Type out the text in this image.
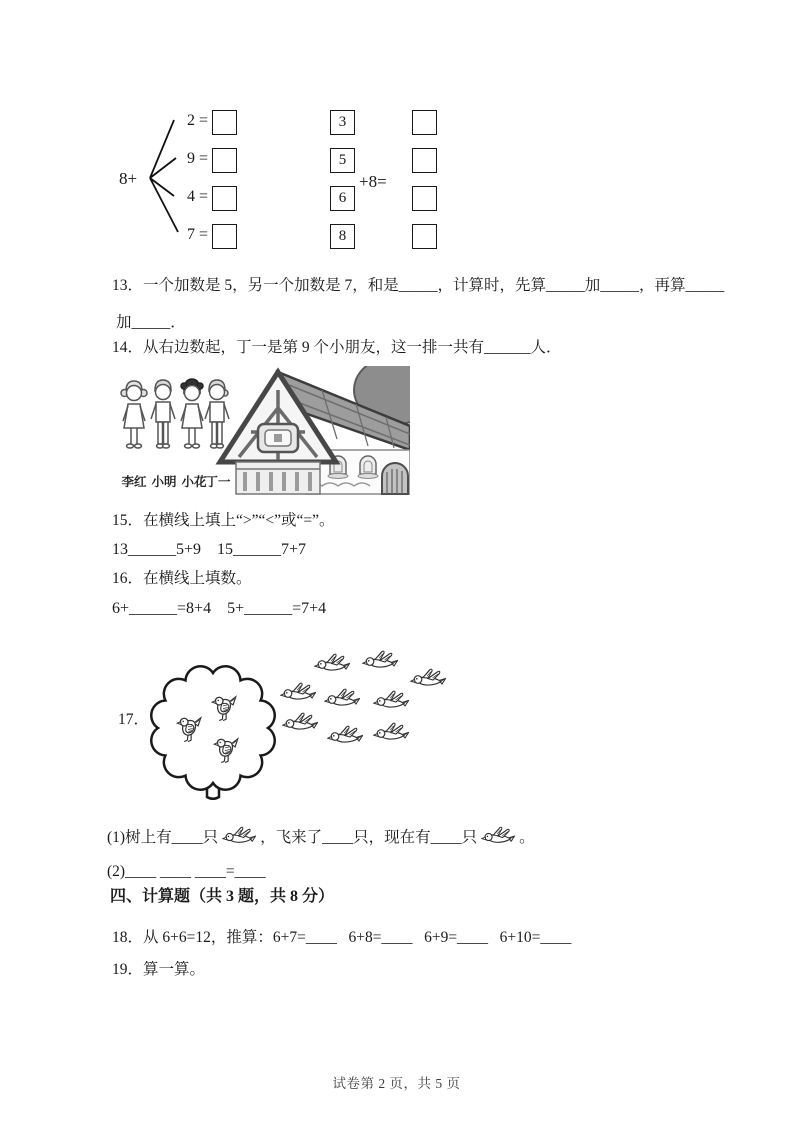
8+
2 =
9 =
4 =
7 =
3
5
6
8
+8=
13．一个加数是 5，另一个加数是 7，和是_____，计算时，先算_____加_____，再算_____
加_____．
14．从右边数起，丁一是第 9 个小朋友，这一排一共有______人．
李红 小明 小花
丁一
15．在横线上填上“>”“<”或“=”。
13______5+9    15______7+7
16．在横线上填数。
6+______=8+4    5+______=7+4
17．
(1)树上有____只	，飞来了____只，现在有____只	。
(2)____ ____ ____=____
四、计算题（共 3 题，共 8 分）
18．从 6+6=12，推算：6+7=____   6+8=____   6+9=____   6+10=____
19．算一算。
试卷第 2 页，共 5 页
